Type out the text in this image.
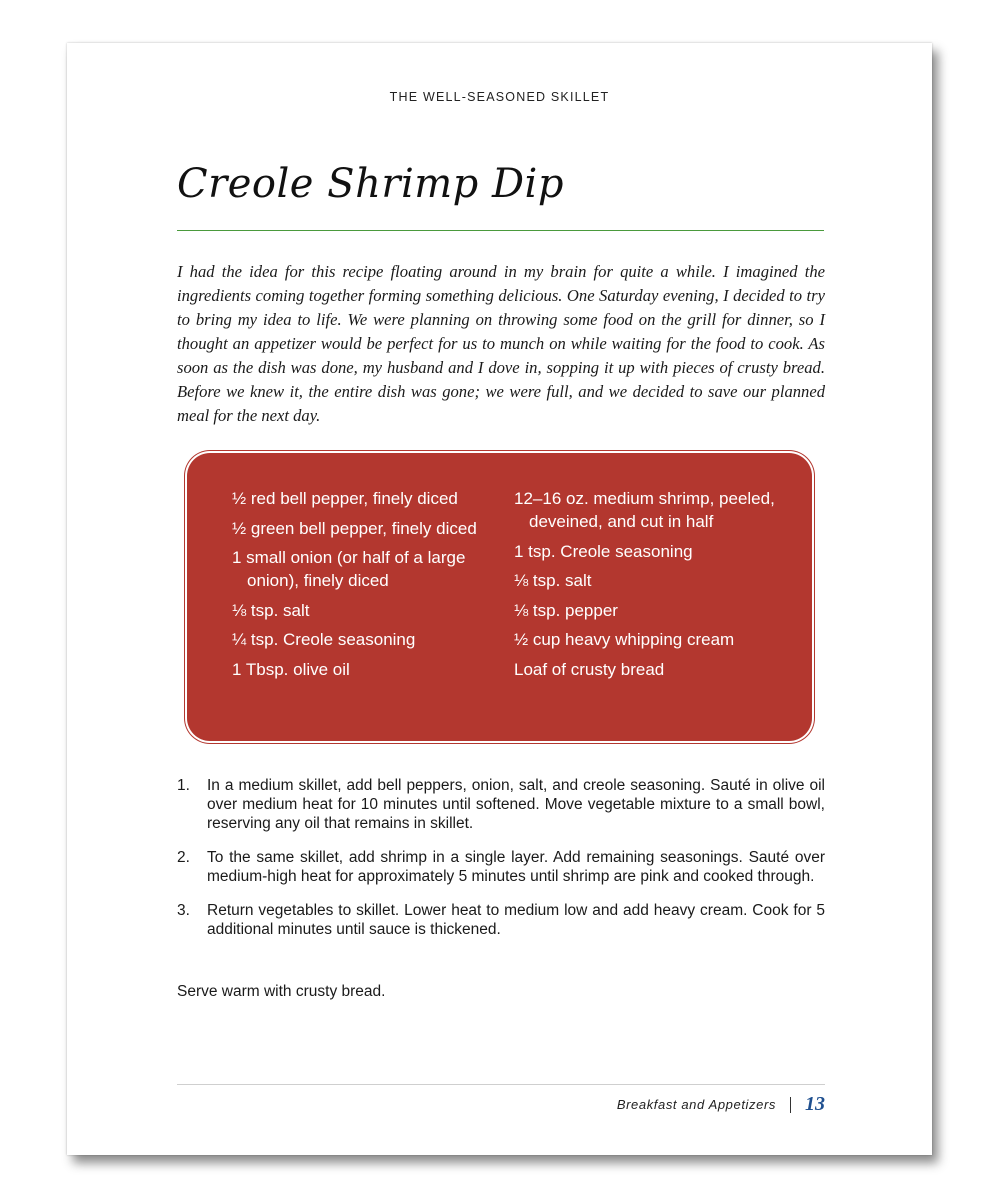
THE WELL-SEASONED SKILLET
Creole Shrimp Dip

I had the idea for this recipe floating around in my brain for quite a while. I imagined the ingredients coming together forming something delicious. One Saturday evening, I decided to try to bring my idea to life. We were planning on throwing some food on the grill for dinner, so I thought an appetizer would be perfect for us to munch on while waiting for the food to cook. As soon as the dish was done, my husband and I dove in, sopping it up with pieces of crusty bread. Before we knew it, the entire dish was gone; we were full, and we decided to save our planned meal for the next day.

½ red bell pepper, finely diced
½ green bell pepper, finely diced
1 small onion (or half of a large onion), finely diced
⅛ tsp. salt
¼ tsp. Creole seasoning
1 Tbsp. olive oil
12–16 oz. medium shrimp, peeled, deveined, and cut in half
1 tsp. Creole seasoning
⅛ tsp. salt
⅛ tsp. pepper
½ cup heavy whipping cream
Loaf of crusty bread
1. In a medium skillet, add bell peppers, onion, salt, and creole seasoning. Sauté in olive oil over medium heat for 10 minutes until softened. Move vegetable mixture to a small bowl, reserving any oil that remains in skillet.
2. To the same skillet, add shrimp in a single layer. Add remaining seasonings. Sauté over medium-high heat for approximately 5 minutes until shrimp are pink and cooked through.
3. Return vegetables to skillet. Lower heat to medium low and add heavy cream. Cook for 5 additional minutes until sauce is thickened.
Serve warm with crusty bread.
Breakfast and Appetizers 13
